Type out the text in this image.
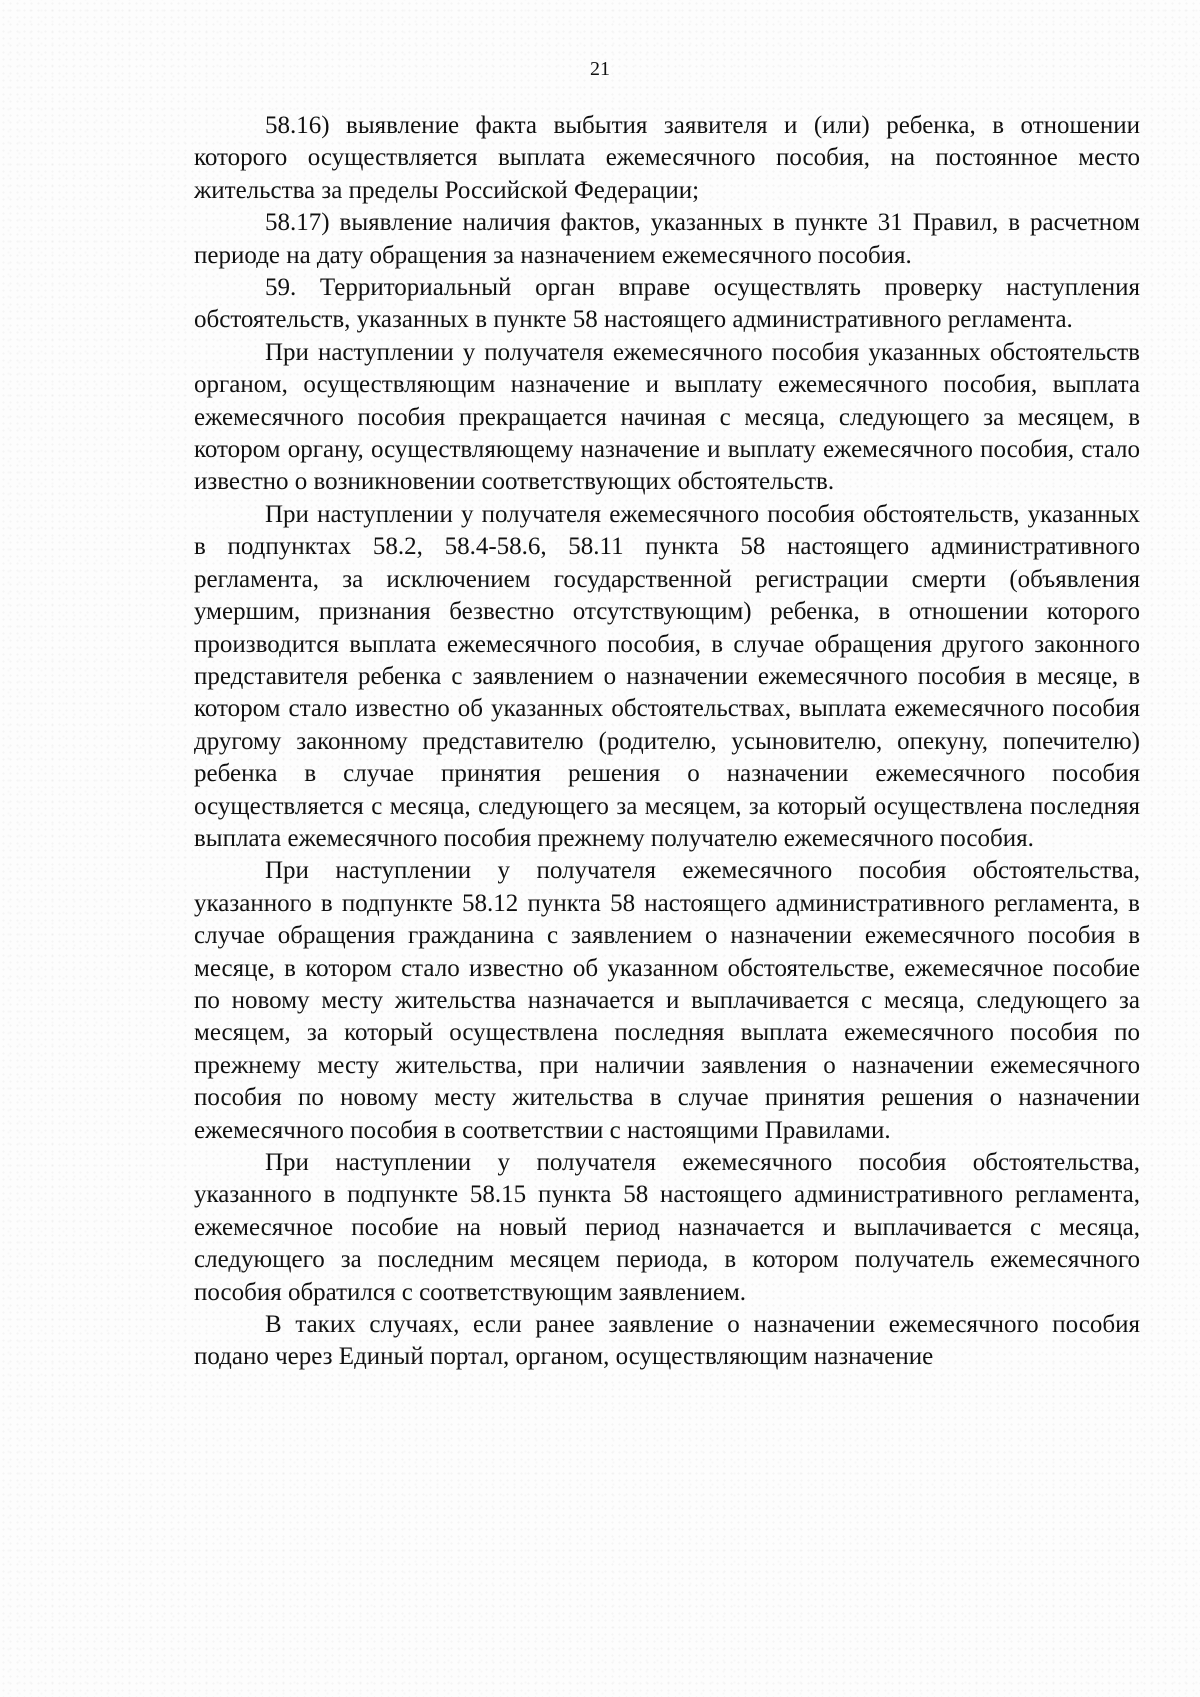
21

58.16) выявление факта выбытия заявителя и (или) ребенка, в отношении которого осуществляется выплата ежемесячного пособия, на постоянное место жительства за пределы Российской Федерации;

58.17) выявление наличия фактов, указанных в пункте 31 Правил, в расчетном периоде на дату обращения за назначением ежемесячного пособия.

59. Территориальный орган вправе осуществлять проверку наступления обстоятельств, указанных в пункте 58 настоящего административного регламента.

При наступлении у получателя ежемесячного пособия указанных обстоятельств органом, осуществляющим назначение и выплату ежемесячного пособия, выплата ежемесячного пособия прекращается начиная с месяца, следующего за месяцем, в котором органу, осуществляющему назначение и выплату ежемесячного пособия, стало известно о возникновении соответствующих обстоятельств.

При наступлении у получателя ежемесячного пособия обстоятельств, указанных в подпунктах 58.2, 58.4-58.6, 58.11 пункта 58 настоящего административного регламента, за исключением государственной регистрации смерти (объявления умершим, признания безвестно отсутствующим) ребенка, в отношении которого производится выплата ежемесячного пособия, в случае обращения другого законного представителя ребенка с заявлением о назначении ежемесячного пособия в месяце, в котором стало известно об указанных обстоятельствах, выплата ежемесячного пособия другому законному представителю (родителю, усыновителю, опекуну, попечителю) ребенка в случае принятия решения о назначении ежемесячного пособия осуществляется с месяца, следующего за месяцем, за который осуществлена последняя выплата ежемесячного пособия прежнему получателю ежемесячного пособия.

При наступлении у получателя ежемесячного пособия обстоятельства, указанного в подпункте 58.12 пункта 58 настоящего административного регламента, в случае обращения гражданина с заявлением о назначении ежемесячного пособия в месяце, в котором стало известно об указанном обстоятельстве, ежемесячное пособие по новому месту жительства назначается и выплачивается с месяца, следующего за месяцем, за который осуществлена последняя выплата ежемесячного пособия по прежнему месту жительства, при наличии заявления о назначении ежемесячного пособия по новому месту жительства в случае принятия решения о назначении ежемесячного пособия в соответствии с настоящими Правилами.

При наступлении у получателя ежемесячного пособия обстоятельства, указанного в подпункте 58.15 пункта 58 настоящего административного регламента, ежемесячное пособие на новый период назначается и выплачивается с месяца, следующего за последним месяцем периода, в котором получатель ежемесячного пособия обратился с соответствующим заявлением.

В таких случаях, если ранее заявление о назначении ежемесячного пособия подано через Единый портал, органом, осуществляющим назначение
